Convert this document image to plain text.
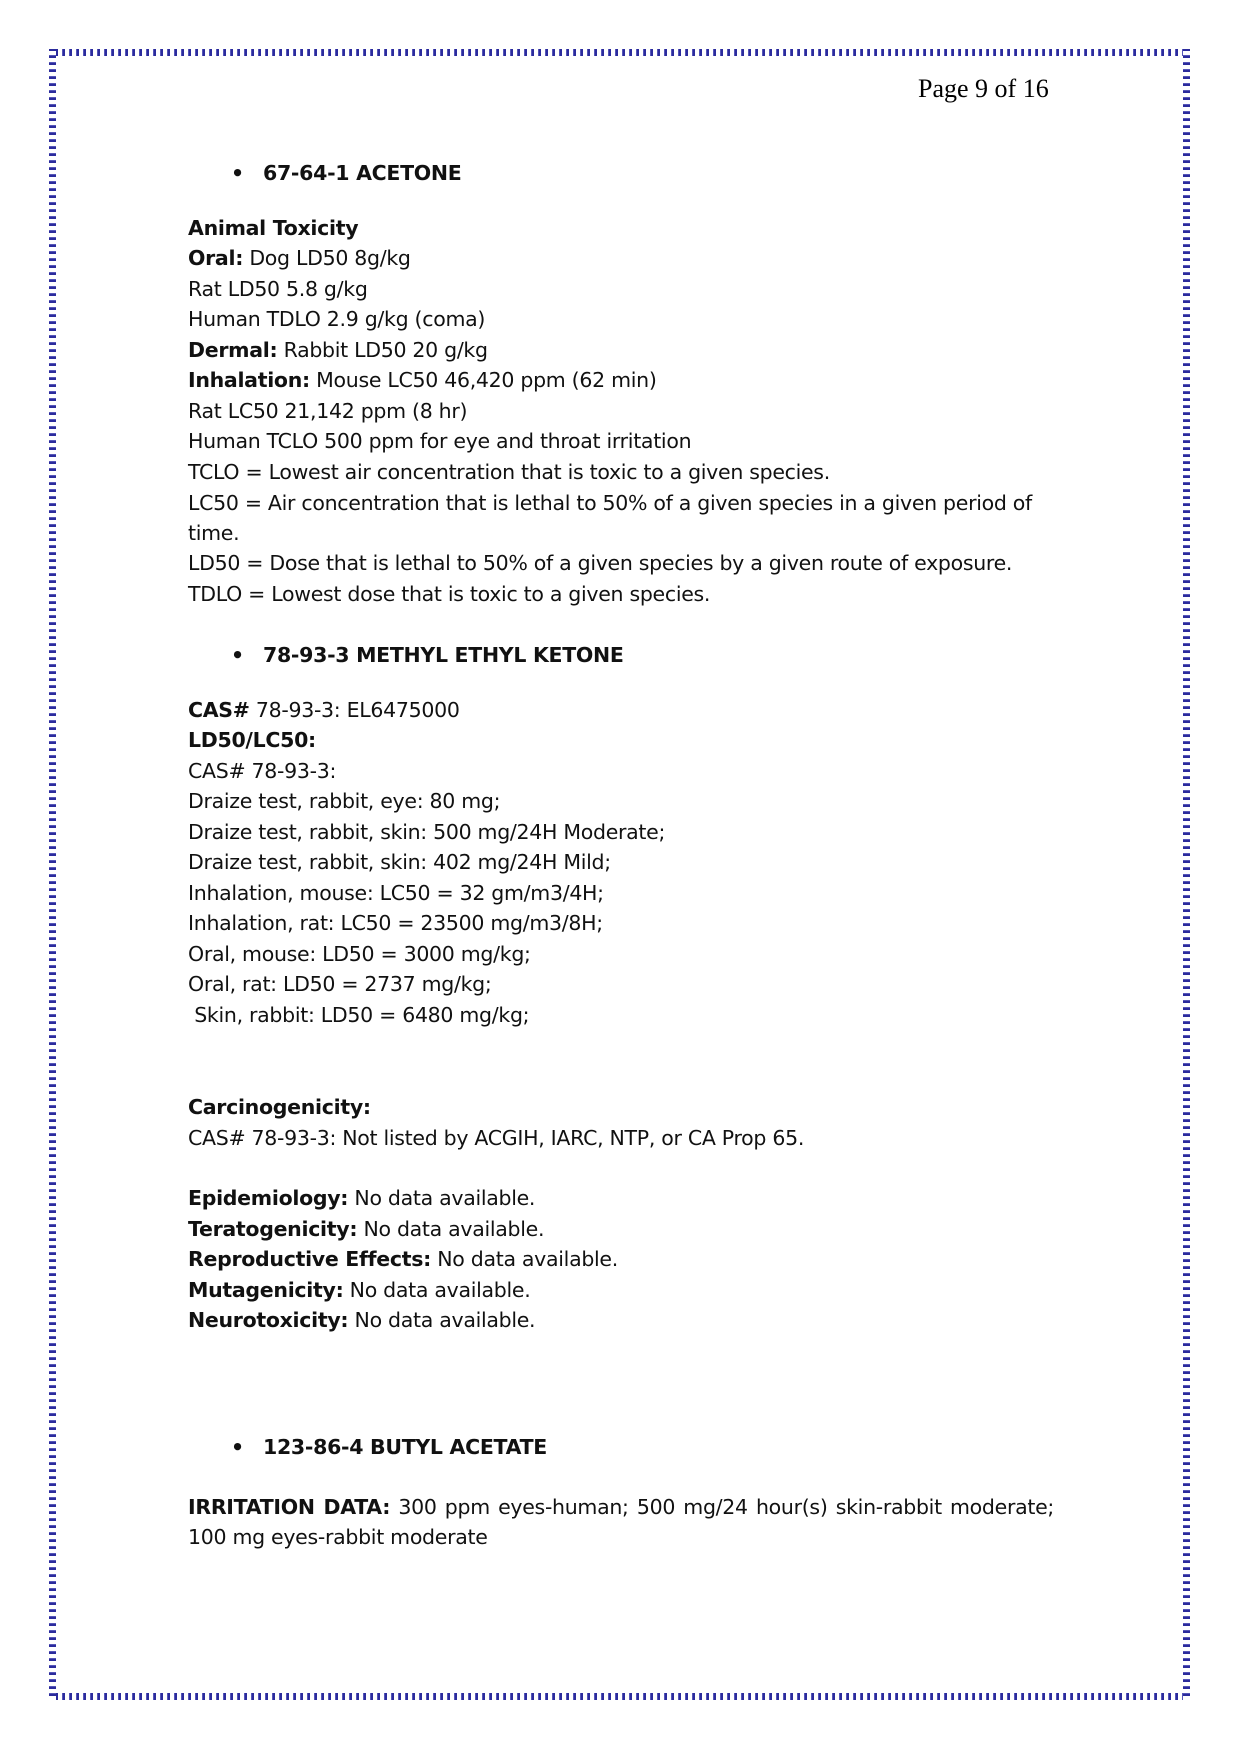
Page 9 of 16
• 67-64-1 ACETONE
Animal Toxicity
Oral: Dog LD50 8g/kg
Rat LD50 5.8 g/kg
Human TDLO 2.9 g/kg (coma)
Dermal: Rabbit LD50 20 g/kg
Inhalation: Mouse LC50 46,420 ppm (62 min)
Rat LC50 21,142 ppm (8 hr)
Human TCLO 500 ppm for eye and throat irritation
TCLO = Lowest air concentration that is toxic to a given species.
LC50 = Air concentration that is lethal to 50% of a given species in a given period of
time.
LD50 = Dose that is lethal to 50% of a given species by a given route of exposure.
TDLO = Lowest dose that is toxic to a given species.
• 78-93-3 METHYL ETHYL KETONE
CAS# 78-93-3: EL6475000
LD50/LC50:
CAS# 78-93-3:
Draize test, rabbit, eye: 80 mg;
Draize test, rabbit, skin: 500 mg/24H Moderate;
Draize test, rabbit, skin: 402 mg/24H Mild;
Inhalation, mouse: LC50 = 32 gm/m3/4H;
Inhalation, rat: LC50 = 23500 mg/m3/8H;
Oral, mouse: LD50 = 3000 mg/kg;
Oral, rat: LD50 = 2737 mg/kg;
Skin, rabbit: LD50 = 6480 mg/kg;
Carcinogenicity:
CAS# 78-93-3: Not listed by ACGIH, IARC, NTP, or CA Prop 65.
Epidemiology: No data available.
Teratogenicity: No data available.
Reproductive Effects: No data available.
Mutagenicity: No data available.
Neurotoxicity: No data available.
• 123-86-4 BUTYL ACETATE
IRRITATION DATA: 300 ppm eyes-human; 500 mg/24 hour(s) skin-rabbit moderate; 100 mg eyes-rabbit moderate
